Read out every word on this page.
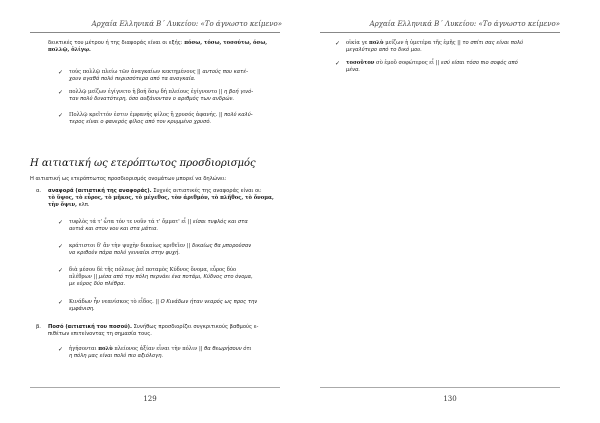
Αρχαία Ελληνικά Β΄ Λυκείου: «Το άγνωστο κείμενο»
δεικτικές του μέτρου ή της διαφοράς είναι οι εξής: πόσω, τόσω, τοσούτω, όσω,
πολλῷ, ὀλίγῳ.
✓ τούς πολλῷ πλείω τῶν ἀναγκαίων κεκτημένους || αυτούς που κατέ-
χουν αγαθά πολύ περισσότερα από τα αναγκαία.
✓ πολλῷ μείζων ἐγίγνετο ἡ βοή ὅσῳ δή πλείους ἐγίγνοντο || η βοή γινό-
ταν πολύ δυνατότερη, όσο αυξάνονταν ο αριθμός των ανδρών.
✓ Πολλῷ κρεῖττόν ἐστιν ἐμφανής φίλος ἤ χρυσός ἀφανής. || πολύ καλύ-
τερος είναι ο φανερός φίλος από τον κρυμμένο χρυσό.
Η αιτιατική ως ετερόπτωτος προσδιορισμός
Η αιτιατική ως ετερόπτωτος προσδιορισμός ονομάτων μπορεί να δηλώνει:
α. αναφορά (αιτιατική της αναφοράς). Συχνές αιτιατικές της αναφοράς είναι οι:
τὸ ὕψος, τὸ εὖρος, τὸ μῆκος, τὸ μέγεθος, τὸν ἀριθμόν, τὸ πλῆθος, τὸ ὄνομα,
τὴν ὄψιν, κλπ.
✓ τυφλὸς τά τ' ὦτα τόν τε νοῦν τά τ' ὄμματ' εἶ || είσαι τυφλός και στα
αυτιά και στον νου και στα μάτια.
✓ κράτιστοι δ' ἄν τὴν ψυχὴν δικαίως κριθεῖεν || δικαίως θα μπορούσαν
να κριθούν πάρα πολύ γενναίοι στην ψυχή.
✓ διὰ μέσου δὲ τῆς πόλεως ῥεῖ ποταμὸς Κύδνος ὄνομα, εὖρος δύο
πλέθρων || μέσα από την πόλη περνάει ένα ποτάμι, Κύδνος στο όνομα,
με εύρος δύο πλέθρα.
✓ Κινάδων ἦν νεανίσκος τὸ εἶδος. || Ο Κινάδων ήταν νεαρός ως προς την
εμφάνιση.
β. Ποσό (αιτιατική του ποσού). Συνήθως προσδιορίζει συγκριτικούς βαθμούς ε-
πιθέτων επιτείνοντας τη σημασία τους.
✓ ἡγήσονται πολὺ πλείονος ἀξίαν εἶναι τὴν πόλιν || θα θεωρήσουν ότι
η πόλη μας είναι πολύ πιο αξιόλογη.
129
Αρχαία Ελληνικά Β΄ Λυκείου: «Το άγνωστο κείμενο»
✓ οἰκία γε πολὺ μείζων ἡ ὑμετέρα τῆς ἐμῆς || το σπίτι σας είναι πολύ
μεγαλύτερο από το δικό μου.
✓ τοσοῦτον σὺ ἐμοῦ σοφώτερος εἶ || εσύ είσαι τόσο πιο σοφός από
μένα.
130
